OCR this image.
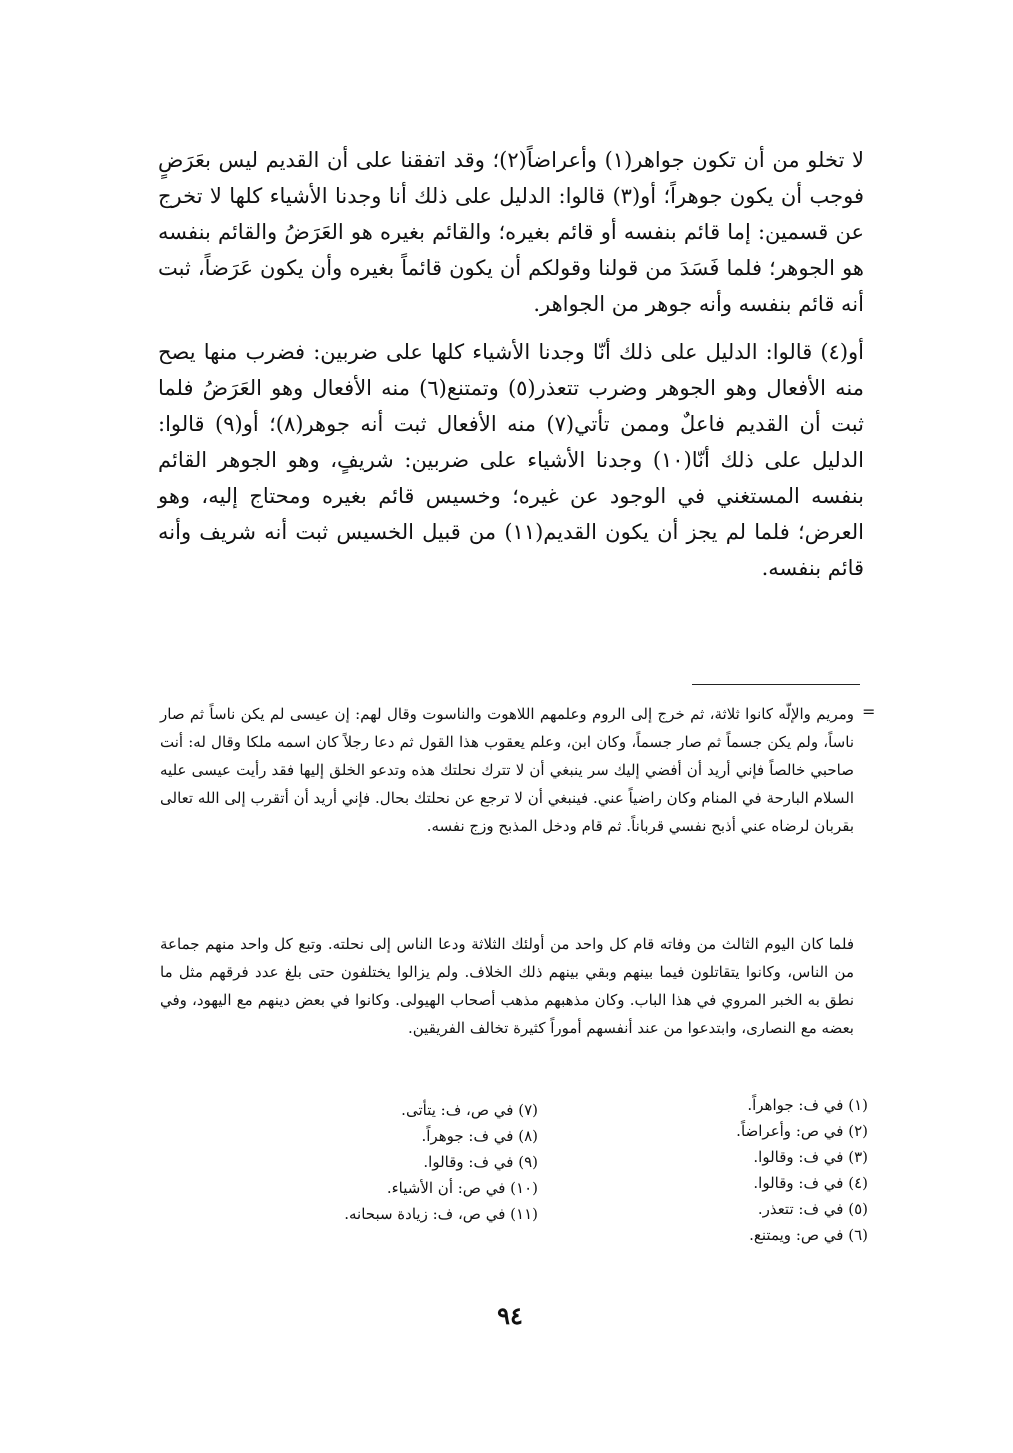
لا تخلو من أن تكون جواهر(١) وأعراضاً(٢)؛ وقد اتفقنا على أن القديم ليس بعَرَضٍ فوجب أن يكون جوهراً؛ أو(٣) قالوا: الدليل على ذلك أنا وجدنا الأشياء كلها لا تخرج عن قسمين: إما قائم بنفسه أو قائم بغيره؛ والقائم بغيره هو العَرَضُ والقائم بنفسه هو الجوهر؛ فلما فَسَدَ من قولنا وقولكم أن يكون قائماً بغيره وأن يكون عَرَضاً، ثبت أنه قائم بنفسه وأنه جوهر من الجواهر.

أو(٤) قالوا: الدليل على ذلك أنّا وجدنا الأشياء كلها على ضربين: فضرب منها يصح منه الأفعال وهو الجوهر وضرب تتعذر(٥) وتمتنع(٦) منه الأفعال وهو العَرَضُ فلما ثبت أن القديم فاعلٌ وممن تأتي(٧) منه الأفعال ثبت أنه جوهر(٨)؛ أو(٩) قالوا: الدليل على ذلك أنّا(١٠) وجدنا الأشياء على ضربين: شريفٍ، وهو الجوهر القائم بنفسه المستغني في الوجود عن غيره؛ وخسيس قائم بغيره ومحتاج إليه، وهو العرض؛ فلما لم يجز أن يكون القديم(١١) من قبيل الخسيس ثبت أنه شريف وأنه قائم بنفسه.

=

ومريم والإلّه كانوا ثلاثة، ثم خرج إلى الروم وعلمهم اللاهوت والناسوت وقال لهم: إن عيسى لم يكن ناساً ثم صار ناساً، ولم يكن جسماً ثم صار جسماً، وكان ابن، وعلم يعقوب هذا القول ثم دعا رجلاً كان اسمه ملكا وقال له: أنت صاحبي خالصاً فإني أريد أن أفضي إليك سر ينبغي أن لا تترك نحلتك هذه وتدعو الخلق إليها فقد رأيت عيسى عليه السلام البارحة في المنام وكان راضياً عني. فينبغي أن لا ترجع عن نحلتك بحال. فإني أريد أن أتقرب إلى الله تعالى بقربان لرضاه عني أذبح نفسي قرباناً. ثم قام ودخل المذبح وزج نفسه.

فلما كان اليوم الثالث من وفاته قام كل واحد من أولئك الثلاثة ودعا الناس إلى نحلته. وتبع كل واحد منهم جماعة من الناس، وكانوا يتقاتلون فيما بينهم وبقي بينهم ذلك الخلاف. ولم يزالوا يختلفون حتى بلغ عدد فرقهم مثل ما نطق به الخبر المروي في هذا الباب. وكان مذهبهم مذهب أصحاب الهيولى. وكانوا في بعض دينهم مع اليهود، وفي بعضه مع النصارى، وابتدعوا من عند أنفسهم أموراً كثيرة تخالف الفريقين.

(١) في ف: جواهراً.
(٢) في ص: وأعراضاً.
(٣) في ف: وقالوا.
(٤) في ف: وقالوا.
(٥) في ف: تتعذر.
(٦) في ص: ويمتنع.
(٧) في ص، ف: يتأتى.
(٨) في ف: جوهراً.
(٩) في ف: وقالوا.
(١٠) في ص: أن الأشياء.
(١١) في ص، ف: زيادة سبحانه.
٩٤
